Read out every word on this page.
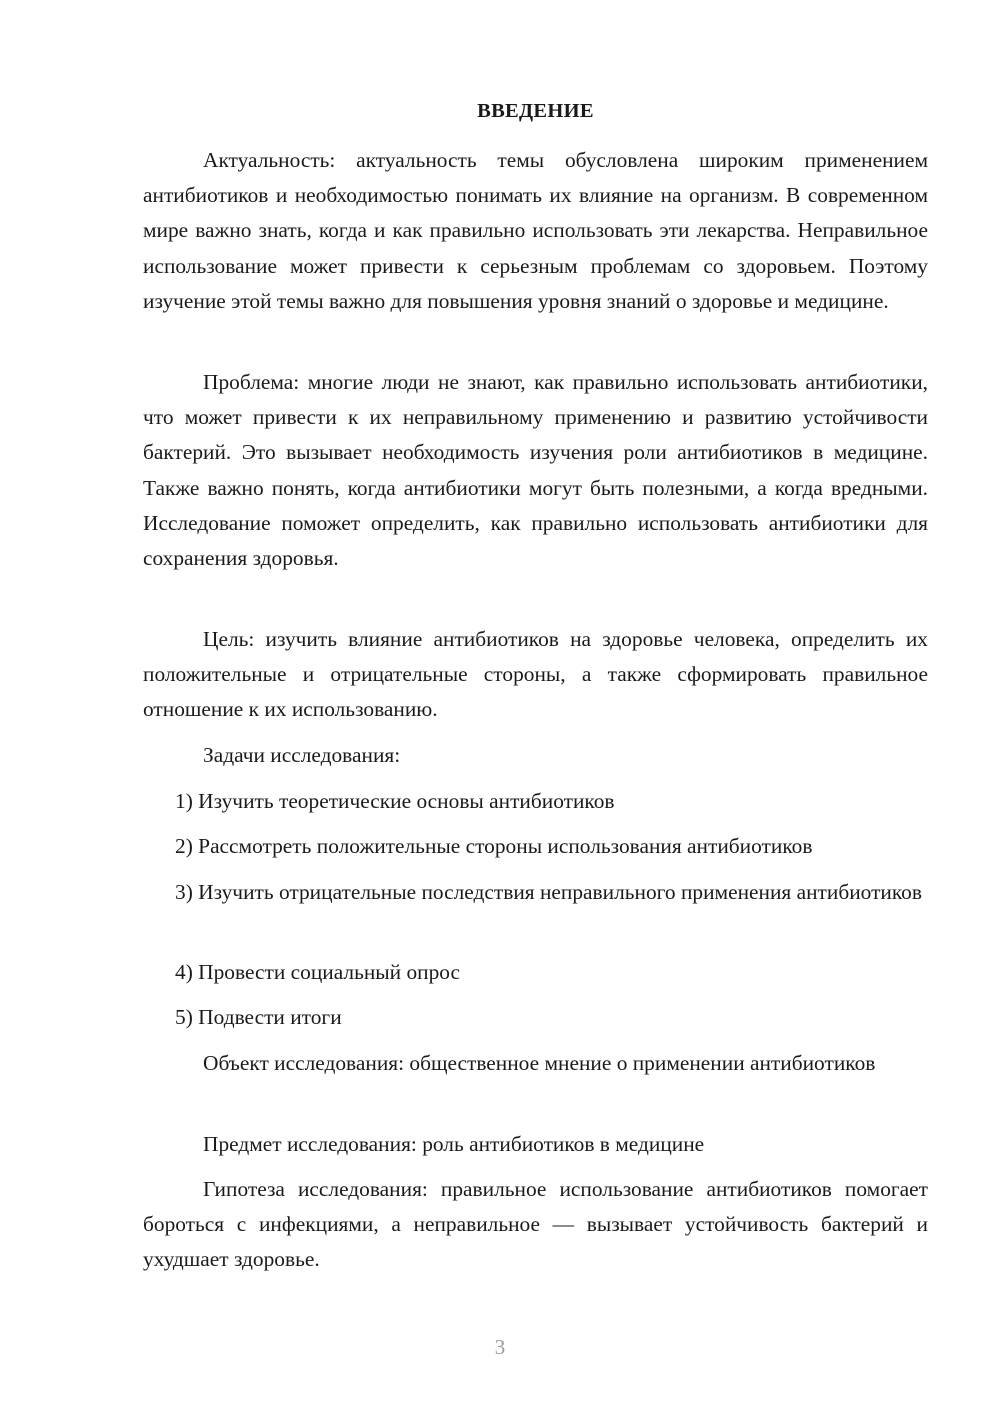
ВВЕДЕНИЕ

Актуальность: актуальность темы обусловлена широким применением антибиотиков и необходимостью понимать их влияние на организм. В современном мире важно знать, когда и как правильно использовать эти лекарства. Неправильное использование может привести к серьезным проблемам со здоровьем. Поэтому изучение этой темы важно для повышения уровня знаний о здоровье и медицине.

Проблема: многие люди не знают, как правильно использовать антибиотики, что может привести к их неправильному применению и развитию устойчивости бактерий. Это вызывает необходимость изучения роли антибиотиков в медицине. Также важно понять, когда антибиотики могут быть полезными, а когда вредными. Исследование поможет определить, как правильно использовать антибиотики для сохранения здоровья.

Цель: изучить влияние антибиотиков на здоровье человека, определить их положительные и отрицательные стороны, а также сформировать правильное отношение к их использованию.

Задачи исследования:

1) Изучить теоретические основы антибиотиков

2) Рассмотреть положительные стороны использования антибиотиков

3) Изучить отрицательные последствия неправильного применения антибиотиков

4) Провести социальный опрос

5) Подвести итоги

Объект исследования: общественное мнение о применении антибиотиков

Предмет исследования: роль антибиотиков в медицине

Гипотеза исследования: правильное использование антибиотиков помогает бороться с инфекциями, а неправильное — вызывает устойчивость бактерий и ухудшает здоровье.

3
